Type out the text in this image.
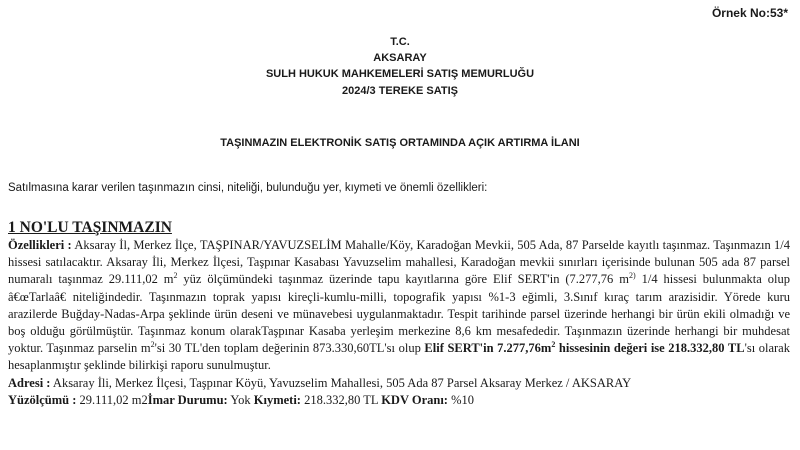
Örnek No:53*
T.C.
AKSARAY
SULH HUKUK MAHKEMELERİ SATIŞ MEMURLUĞU
2024/3 TEREKE SATIŞ
TAŞINMAZIN ELEKTRONİK SATIŞ ORTAMINDA AÇIK ARTIRMA İLANI
Satılmasına karar verilen taşınmazın cinsi, niteliği, bulunduğu yer, kıymeti ve önemli özellikleri:
1 NO'LU TAŞINMAZIN

Özellikleri : Aksaray İl, Merkez İlçe, TAŞPINAR/YAVUZSELİM Mahalle/Köy, Karadoğan Mevkii, 505 Ada, 87 Parselde kayıtlı taşınmaz. Taşınmazın 1/4 hissesi satılacaktır. Aksaray İli, Merkez İlçesi, Taşpınar Kasabası Yavuzselim mahallesi, Karadoğan mevkii sınırları içerisinde bulunan 505 ada 87 parsel numaralı taşınmaz 29.111,02 $m^2$ yüz ölçümündeki taşınmaz üzerinde tapu kayıtlarına göre Elif SERT'in (7.277,76 $m^{2)}$ 1/4 hissesi bulunmakta olup â€œTarlaâ€ niteliğindedir. Taşınmazın toprak yapısı kireçli-kumlu-milli, topografik yapısı %1-3 eğimli, 3.Sınıf kıraç tarım arazisidir. Yörede kuru arazilerde Buğday-Nadas-Arpa şeklinde ürün deseni ve münavebesi uygulanmaktadır. Tespit tarihinde parsel üzerinde herhangi bir ürün ekili olmadığı ve boş olduğu görülmüştür. Taşınmaz konum olarakTaşpınar Kasaba yerleşim merkezine 8,6 km mesafededir. Taşınmazın üzerinde herhangi bir muhdesat yoktur. Taşınmaz parselin $m^2'si$ 30 TL'den toplam değerinin 873.330,60TL'sı olup Elif SERT'in $7.277,76m^2$ hissesinin değeri ise 218.332,80 TL'sı olarak hesaplanmıştır şeklinde bilirkişi raporu sunulmuştur.

Adresi : Aksaray İli, Merkez İlçesi, Taşpınar Köyü, Yavuzselim Mahallesi, 505 Ada 87 Parsel Aksaray Merkez / AKSARAY

Yüzölçümü : 29.111,02 m2İmar Durumu: Yok Kıymeti: 218.332,80 TL KDV Oranı: %10
